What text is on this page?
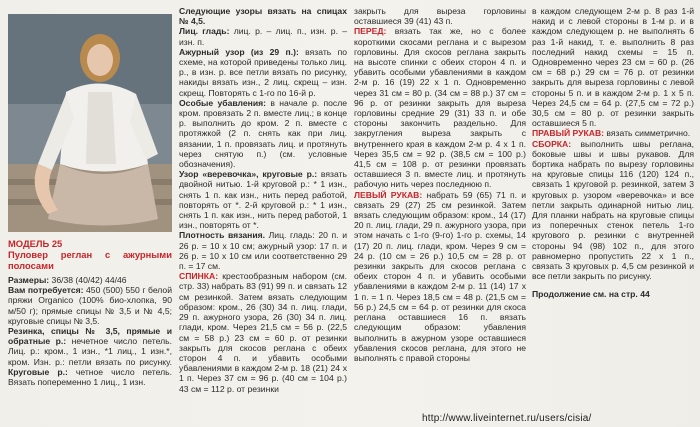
МОДЕЛЬ 25

Пуловер реглан с ажурными полосами

Размеры: 36/38 (40/42) 44/46

Вам потребуется: 450 (500) 550 г белой пряжи Organico (100% био-хлопка, 90 м/50 г); прямые спицы № 3,5 и № 4,5; круговые спицы № 3,5.

Резинка, спицы № 3,5, прямые и обратные р.: нечетное число петель. Лиц. р.: кром., 1 изн., *1 лиц., 1 изн.*, кром. Изн. р.: петли вязать по рисунку. Круговые р.: четное число петель. Вязать попеременно 1 лиц., 1 изн.

Следующие узоры вязать на спицах № 4,5.

Лиц. гладь: лиц. р. – лиц. п., изн. р. – изн. п.

Ажурный узор (из 29 п.): вязать по схеме, на которой приведены только лиц. р., в изн. р. все петли вязать по рисунку, накиды вязать изн., 2 лиц. скрещ – изн. скрещ. Повторять с 1-го по 16-й р.

Особые убавления: в начале р. после кром. провязать 2 п. вместе лиц.; в конце р. выполнить до кром. 2 п. вместе с протяжкой (2 п. снять как при лиц. вязании, 1 п. провязать лиц. и протянуть через снятую п.) (см. условные обозначения).

Узор «веревочка», круговые р.: вязать двойной нитью. 1-й круговой р.: * 1 изн., снять 1 п. как изн., нить перед работой, повторять от *. 2-й круговой р.: * 1 изн., снять 1 п. как изн., нить перед работой, 1 изн., повторять от *.

Плотность вязания. Лиц. гладь: 20 п. и 26 р. = 10 х 10 см; ажурный узор: 17 п. и 26 р. = 10 х 10 см или соответственно 29 п. = 17 см.

СПИНКА: крестообразным набором (см. стр. 33) набрать 83 (91) 99 п. и связать 12 см резинкой. Затем вязать следующим образом: кром., 26 (30) 34 п. лиц. глади, 29 п. ажурного узора, 26 (30) 34 п. лиц. глади, кром. Через 21,5 см = 56 р. (22,5 см = 58 р.) 23 см = 60 р. от резинки закрыть для скосов реглана с обеих сторон 4 п. и убавить особыми убавлениями в каждом 2-м р. 18 (21) 24 х 1 п. Через 37 см = 96 р. (40 см = 104 р.) 43 см = 112 р. от резинки

закрыть для выреза горловины оставшиеся 39 (41) 43 п.

ПЕРЕД: вязать так же, но с более короткими скосами реглана и с вырезом горловины. Для скосов реглана закрыть на высоте спинки с обеих сторон 4 п. и убавить особыми убавлениями в каждом 2-м р. 16 (19) 22 х 1 п. Одновременно через 31 см = 80 р. (34 см = 88 р.) 37 см = 96 р. от резинки закрыть для выреза горловины средние 29 (31) 33 п. и обе стороны закончить раздельно. Для закругления выреза закрыть с внутреннего края в каждом 2-м р. 4 х 1 п. Через 35,5 см = 92 р. (38,5 см = 100 р.) 41,5 см = 108 р. от резинки провязать оставшиеся 3 п. вместе лиц. и протянуть рабочую нить через последнюю п.

ЛЕВЫЙ РУКАВ: набрать 59 (65) 71 п. и связать 29 (27) 25 см резинкой. Затем вязать следующим образом: кром., 14 (17) 20 п. лиц. глади, 29 п. ажурного узора, при этом начать с 1-го (9-го) 1-го р. схемы, 14 (17) 20 п. лиц. глади, кром. Через 9 см = 24 р. (10 см = 26 р.) 10,5 см = 28 р. от резинки закрыть для скосов реглана с обеих сторон 4 п. и убавить особыми убавлениями в каждом 2-м р. 11 (14) 17 х 1 п. = 1 п. Через 18,5 см = 48 р. (21,5 см = 56 р.) 24,5 см = 64 р. от резинки для скоса реглана оставшиеся 16 п. вязать следующим образом: убавления выполнить в ажурном узоре оставшиеся убавления скосов реглана, для этого не выполнять с правой стороны

в каждом следующем 2-м р. 8 раз 1-й накид и с левой стороны в 1-м р. и в каждом следующем р. не выполнять 6 раз 1-й накид, т. е. выполнить 8 раз последний накид схемы = 15 п. Одновременно через 23 см = 60 р. (26 см = 68 р.) 29 см = 76 р. от резинки закрыть для выреза горловины с левой стороны 5 п. и в каждом 2-м р. 1 х 5 п. Через 24,5 см = 64 р. (27,5 см = 72 р.) 30,5 см = 80 р. от резинки закрыть оставшиеся 5 п.

ПРАВЫЙ РУКАВ: вязать симметрично.

СБОРКА: выполнить швы реглана, боковые швы и швы рукавов. Для бортика набрать по вырезу горловины на круговые спицы 116 (120) 124 п., связать 1 круговой р. резинкой, затем 3 круговых р. узором «веревочка» и все петли закрыть одинарной нитью лиц. Для планки набрать на круговые спицы из поперечных стенок петель 1-го кругового р. резинки с внутренней стороны 94 (98) 102 п., для этого равномерно пропустить 22 х 1 п., связать 3 круговых р. 4,5 см резинкой и все петли закрыть по рисунку.

Продолжение см. на стр. 44

http://www.liveinternet.ru/users/cisia/
